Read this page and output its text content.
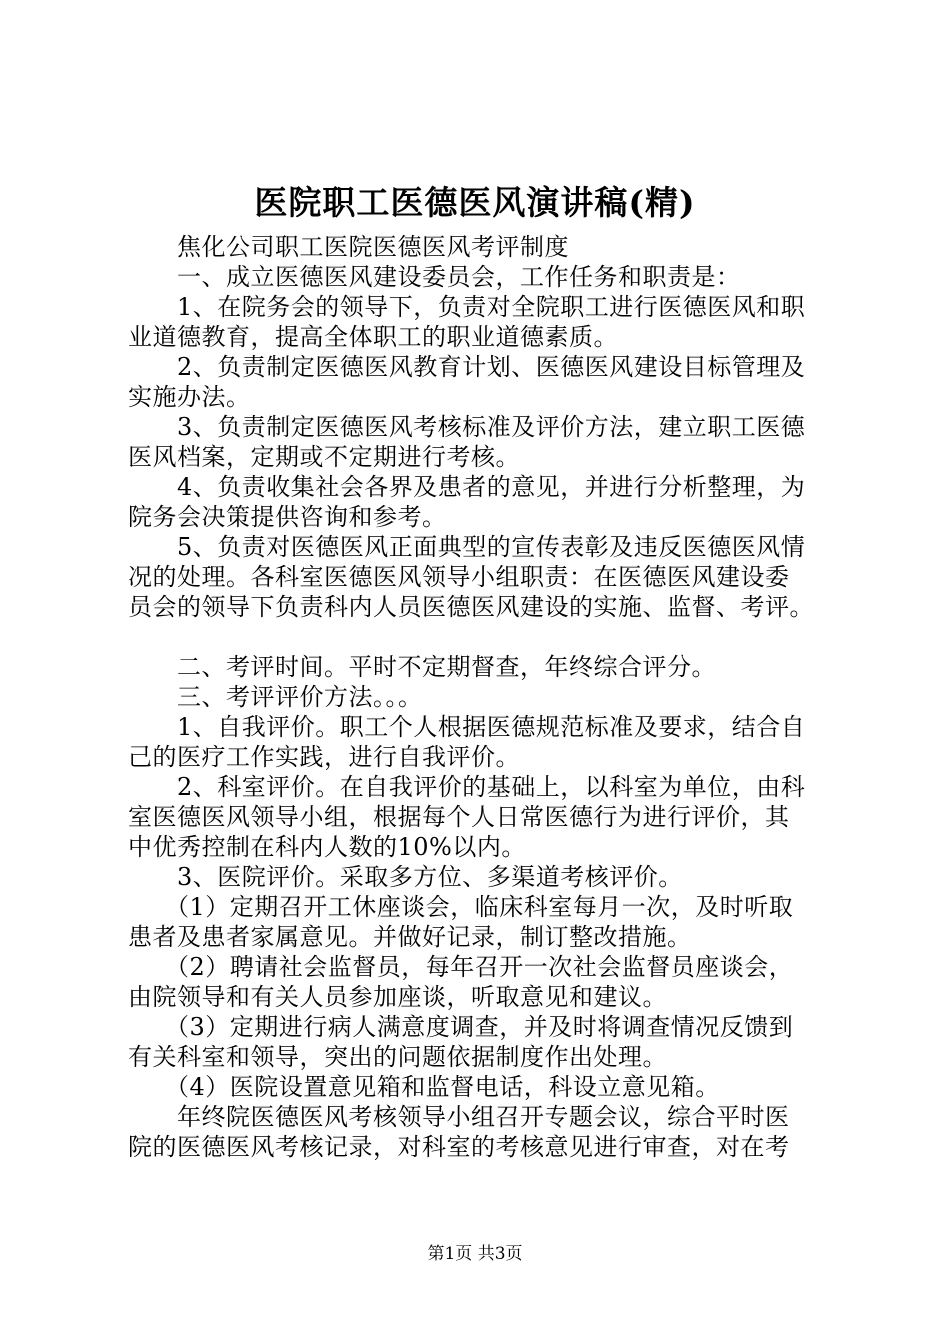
医院职工医德医风演讲稿(精)
　　焦化公司职工医院医德医风考评制度
　　一、成立医德医风建设委员会，工作任务和职责是：
　　1、在院务会的领导下，负责对全院职工进行医德医风和职
业道德教育，提高全体职工的职业道德素质。
　　2、负责制定医德医风教育计划、医德医风建设目标管理及
实施办法。
　　3、负责制定医德医风考核标准及评价方法，建立职工医德
医风档案，定期或不定期进行考核。
　　4、负责收集社会各界及患者的意见，并进行分析整理，为
院务会决策提供咨询和参考。
　　5、负责对医德医风正面典型的宣传表彰及违反医德医风情
况的处理。各科室医德医风领导小组职责：在医德医风建设委
员会的领导下负责科内人员医德医风建设的实施、监督、考评。
　　二、考评时间。平时不定期督查，年终综合评分。
　　三、考评评价方法。。。
　　1、自我评价。职工个人根据医德规范标准及要求，结合自
己的医疗工作实践，进行自我评价。
　　2、科室评价。在自我评价的基础上，以科室为单位，由科
室医德医风领导小组，根据每个人日常医德行为进行评价，其
中优秀控制在科内人数的10%以内。
　　3、医院评价。采取多方位、多渠道考核评价。
　　（1）定期召开工休座谈会，临床科室每月一次，及时听取
患者及患者家属意见。并做好记录，制订整改措施。
　　（2）聘请社会监督员，每年召开一次社会监督员座谈会，
由院领导和有关人员参加座谈，听取意见和建议。
　　（3）定期进行病人满意度调查，并及时将调查情况反馈到
有关科室和领导，突出的问题依据制度作出处理。
　　（4）医院设置意见箱和监督电话，科设立意见箱。
　　年终院医德医风考核领导小组召开专题会议，综合平时医
院的医德医风考核记录，对科室的考核意见进行审查，对在考
第1页 共3页
